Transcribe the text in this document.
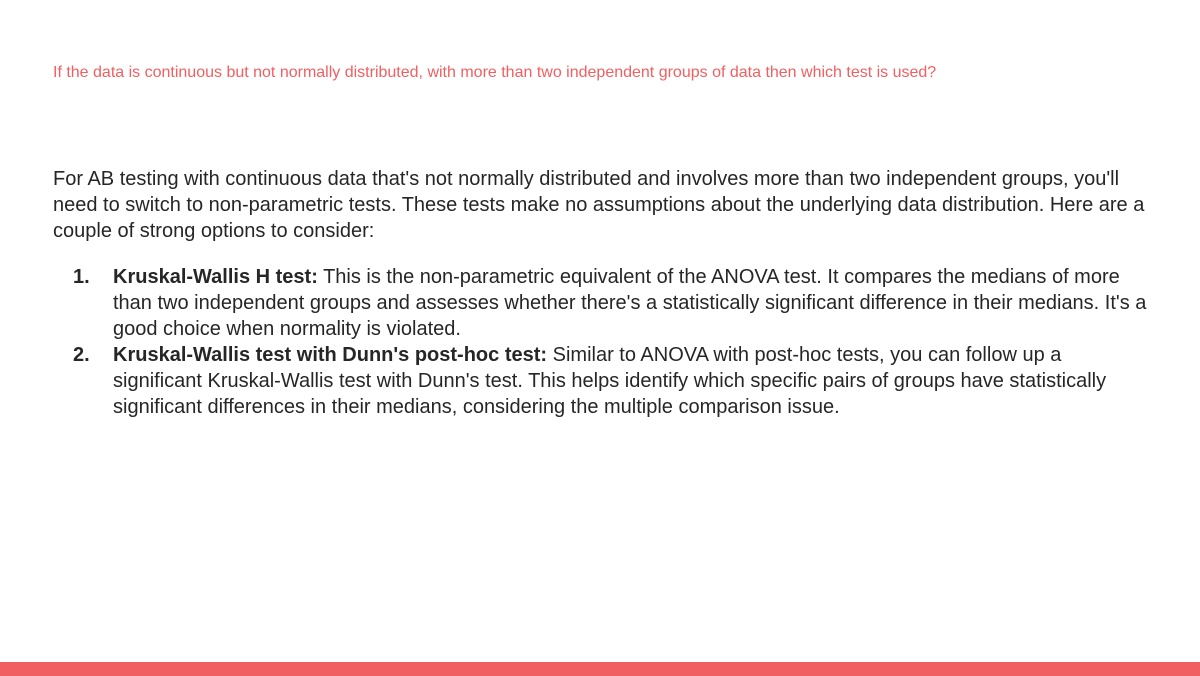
If the data is continuous but not normally distributed, with more than two independent groups of data then which test is used?

For AB testing with continuous data that's not normally distributed and involves more than two independent groups, you'll need to switch to non-parametric tests. These tests make no assumptions about the underlying data distribution. Here are a couple of strong options to consider:

1. Kruskal-Wallis H test: This is the non-parametric equivalent of the ANOVA test. It compares the medians of more than two independent groups and assesses whether there's a statistically significant difference in their medians. It's a good choice when normality is violated.
2. Kruskal-Wallis test with Dunn's post-hoc test: Similar to ANOVA with post-hoc tests, you can follow up a significant Kruskal-Wallis test with Dunn's test. This helps identify which specific pairs of groups have statistically significant differences in their medians, considering the multiple comparison issue.
